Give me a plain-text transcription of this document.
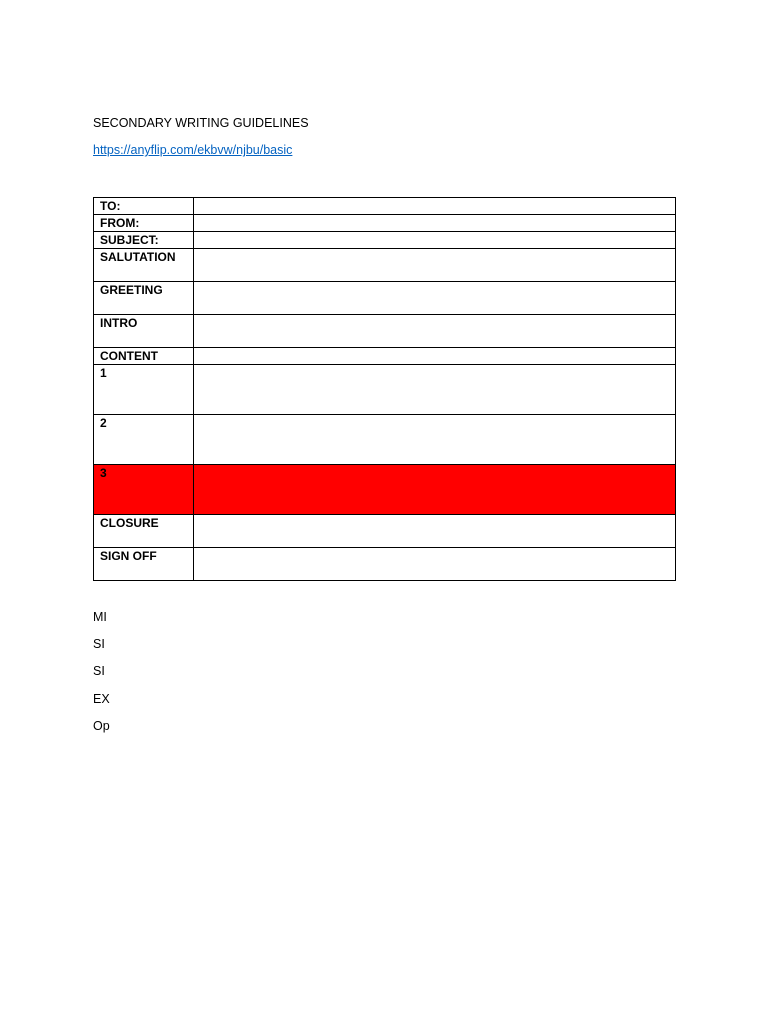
SECONDARY WRITING GUIDELINES
https://anyflip.com/ekbvw/njbu/basic
TO:	
FROM:	
SUBJECT:	
SALUTATION	
GREETING	
INTRO	
CONTENT	
1	
2	
3	
CLOSURE	
SIGN OFF	
MI
SI
SI
EX
Op
